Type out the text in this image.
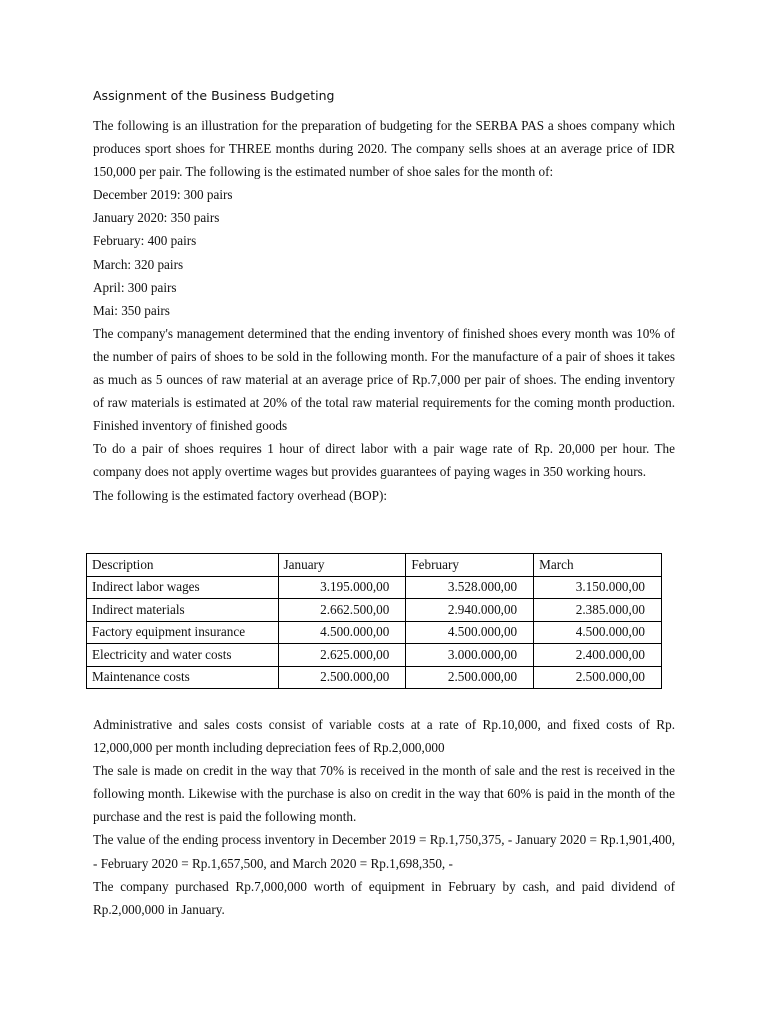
Assignment of the Business Budgeting

The following is an illustration for the preparation of budgeting for the SERBA PAS a shoes company which produces sport shoes for THREE months during 2020. The company sells shoes at an average price of IDR 150,000 per pair. The following is the estimated number of shoe sales for the month of:

December 2019: 300 pairs

January 2020: 350 pairs

February: 400 pairs

March: 320 pairs

April: 300 pairs

Mai: 350 pairs

The company's management determined that the ending inventory of finished shoes every month was 10% of the number of pairs of shoes to be sold in the following month. For the manufacture of a pair of shoes it takes as much as 5 ounces of raw material at an average price of Rp.7,000 per pair of shoes. The ending inventory of raw materials is estimated at 20% of the total raw material requirements for the coming month production. Finished inventory of finished goods

To do a pair of shoes requires 1 hour of direct labor with a pair wage rate of Rp. 20,000 per hour. The company does not apply overtime wages but provides guarantees of paying wages in 350 working hours.

The following is the estimated factory overhead (BOP):

Description	January	February	March
Indirect labor wages	3.195.000,00	3.528.000,00	3.150.000,00
Indirect materials	2.662.500,00	2.940.000,00	2.385.000,00
Factory equipment insurance	4.500.000,00	4.500.000,00	4.500.000,00
Electricity and water costs	2.625.000,00	3.000.000,00	2.400.000,00
Maintenance costs	2.500.000,00	2.500.000,00	2.500.000,00

Administrative and sales costs consist of variable costs at a rate of Rp.10,000, and fixed costs of Rp. 12,000,000 per month including depreciation fees of Rp.2,000,000

The sale is made on credit in the way that 70% is received in the month of sale and the rest is received in the following month. Likewise with the purchase is also on credit in the way that 60% is paid in the month of the purchase and the rest is paid the following month.

The value of the ending process inventory in December 2019 = Rp.1,750,375, - January 2020 = Rp.1,901,400, - February 2020 = Rp.1,657,500, and March 2020 = Rp.1,698,350, -

The company purchased Rp.7,000,000 worth of equipment in February by cash, and paid dividend of Rp.2,000,000 in January.
